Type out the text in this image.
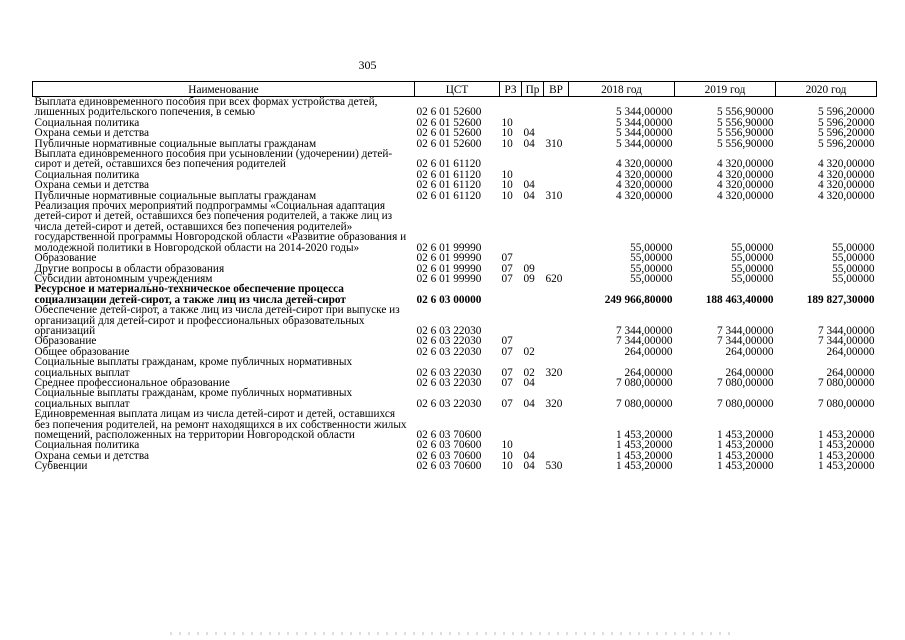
305
Наименование	ЦСТ	РЗ	Пр	ВР	2018 год	2019 год	2020 год
Выплата единовременного пособия при всех формах устройства детей, лишенных родительского попечения, в семью	02 6 01 52600				5 344,00000	5 556,90000	5 596,20000
Социальная политика	02 6 01 52600	10			5 344,00000	5 556,90000	5 596,20000
Охрана семьи и детства	02 6 01 52600	10	04		5 344,00000	5 556,90000	5 596,20000
Публичные нормативные социальные выплаты гражданам	02 6 01 52600	10	04	310	5 344,00000	5 556,90000	5 596,20000
Выплата единовременного пособия при усыновлении (удочерении) детей-сирот и детей, оставшихся без попечения родителей	02 6 01 61120				4 320,00000	4 320,00000	4 320,00000
Социальная политика	02 6 01 61120	10			4 320,00000	4 320,00000	4 320,00000
Охрана семьи и детства	02 6 01 61120	10	04		4 320,00000	4 320,00000	4 320,00000
Публичные нормативные социальные выплаты гражданам	02 6 01 61120	10	04	310	4 320,00000	4 320,00000	4 320,00000
Реализация прочих мероприятий подпрограммы «Социальная адаптация детей-сирот и детей, оставшихся без попечения родителей, а также лиц из числа детей-сирот и детей, оставшихся без попечения родителей» государственной программы Новгородской области «Развитие образования и молодежной политики в Новгородской области на 2014-2020 годы»	02 6 01 99990				55,00000	55,00000	55,00000
Образование	02 6 01 99990	07			55,00000	55,00000	55,00000
Другие вопросы в области образования	02 6 01 99990	07	09		55,00000	55,00000	55,00000
Субсидии автономным учреждениям	02 6 01 99990	07	09	620	55,00000	55,00000	55,00000
Ресурсное и материально-техническое обеспечение процесса социализации детей-сирот, а также лиц из числа детей-сирот	02 6 03 00000				249 966,80000	188 463,40000	189 827,30000
Обеспечение детей-сирот, а также лиц из числа детей-сирот при выпуске из организаций для детей-сирот и профессиональных образовательных организаций	02 6 03 22030				7 344,00000	7 344,00000	7 344,00000
Образование	02 6 03 22030	07			7 344,00000	7 344,00000	7 344,00000
Общее образование	02 6 03 22030	07	02		264,00000	264,00000	264,00000
Социальные выплаты гражданам, кроме публичных нормативных социальных выплат	02 6 03 22030	07	02	320	264,00000	264,00000	264,00000
Среднее профессиональное образование	02 6 03 22030	07	04		7 080,00000	7 080,00000	7 080,00000
Социальные выплаты гражданам, кроме публичных нормативных социальных выплат	02 6 03 22030	07	04	320	7 080,00000	7 080,00000	7 080,00000
Единовременная выплата лицам из числа детей-сирот и детей, оставшихся без попечения родителей, на ремонт находящихся в их собственности жилых помещений, расположенных на территории Новгородской области	02 6 03 70600				1 453,20000	1 453,20000	1 453,20000
Социальная политика	02 6 03 70600	10			1 453,20000	1 453,20000	1 453,20000
Охрана семьи и детства	02 6 03 70600	10	04		1 453,20000	1 453,20000	1 453,20000
Субвенции	02 6 03 70600	10	04	530	1 453,20000	1 453,20000	1 453,20000
